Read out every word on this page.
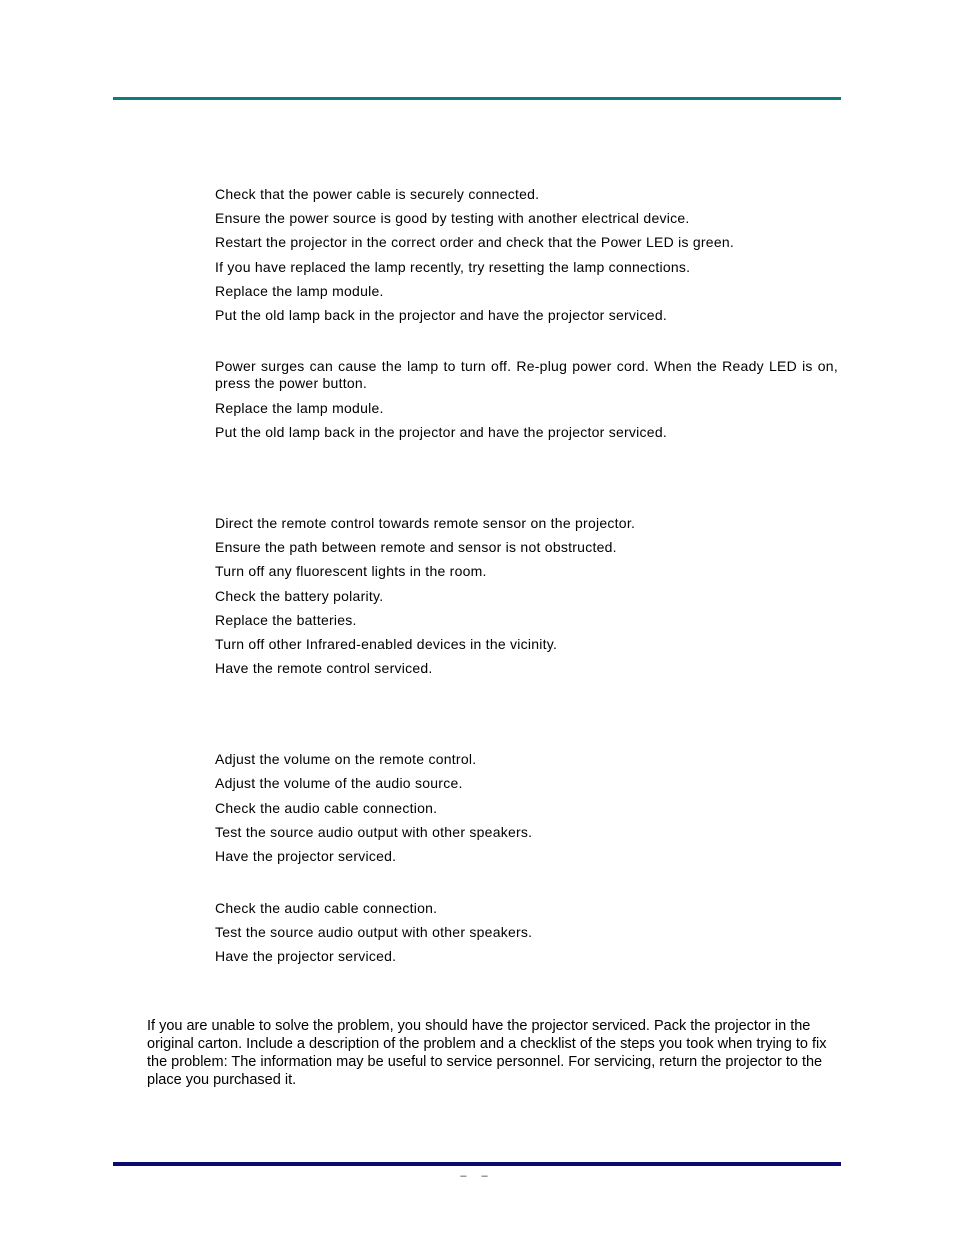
Check that the power cable is securely connected.
Ensure the power source is good by testing with another electrical device.
Restart the projector in the correct order and check that the Power LED is green.
If you have replaced the lamp recently, try resetting the lamp connections.
Replace the lamp module.
Put the old lamp back in the projector and have the projector serviced.
Power surges can cause the lamp to turn off. Re-plug power cord. When the Ready LED is on, press the power button.
Replace the lamp module.
Put the old lamp back in the projector and have the projector serviced.
Direct the remote control towards remote sensor on the projector.
Ensure the path between remote and sensor is not obstructed.
Turn off any fluorescent lights in the room.
Check the battery polarity.
Replace the batteries.
Turn off other Infrared-enabled devices in the vicinity.
Have the remote control serviced.
Adjust the volume on the remote control.
Adjust the volume of the audio source.
Check the audio cable connection.
Test the source audio output with other speakers.
Have the projector serviced.
Check the audio cable connection.
Test the source audio output with other speakers.
Have the projector serviced.
If you are unable to solve the problem, you should have the projector serviced. Pack the projector in the original carton. Include a description of the problem and a checklist of the steps you took when trying to fix the problem: The information may be useful to service personnel. For servicing, return the projector to the place you purchased it.
– –
